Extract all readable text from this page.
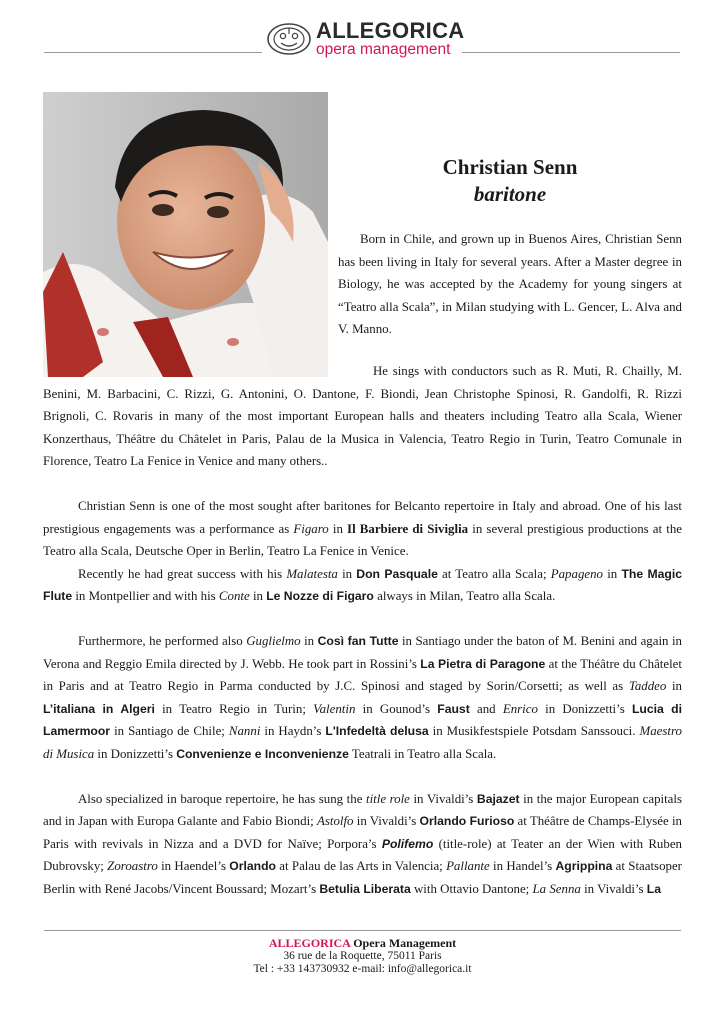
ALLEGORICA
opera management
Christian Senn
baritone

Born in Chile, and grown up in Buenos Aires, Christian Senn has been living in Italy for several years. After a Master degree in Biology, he was accepted by the Academy for young singers at “Teatro alla Scala”, in Milan studying with L. Gencer, L. Alva and V. Manno.

He sings with conductors such as R. Muti, R. Chailly, M. Benini, M. Barbacini, C. Rizzi, G. Antonini, O. Dantone, F. Biondi, Jean Christophe Spinosi, R. Gandolfi, R. Rizzi Brignoli, C. Rovaris in many of the most important European halls and theaters including Teatro alla Scala, Wiener Konzerthaus, Théâtre du Châtelet in Paris, Palau de la Musica in Valencia, Teatro Regio in Turin, Teatro Comunale in Florence, Teatro La Fenice in Venice and many others..

Christian Senn is one of the most sought after baritones for Belcanto repertoire in Italy and abroad. One of his last prestigious engagements was a performance as Figaro in Il Barbiere di Siviglia in several prestigious productions at the Teatro alla Scala, Deutsche Oper in Berlin, Teatro La Fenice in Venice.

Recently he had great success with his Malatesta in Don Pasquale at Teatro alla Scala; Papageno in The Magic Flute in Montpellier and with his Conte in Le Nozze di Figaro always in Milan, Teatro alla Scala.

Furthermore, he performed also Guglielmo in Così fan Tutte in Santiago under the baton of M. Benini and again in Verona and Reggio Emila directed by J. Webb. He took part in Rossini’s La Pietra di Paragone at the Théâtre du Châtelet in Paris and at Teatro Regio in Parma conducted by J.C. Spinosi and staged by Sorin/Corsetti; as well as Taddeo in L’italiana in Algeri in Teatro Regio in Turin; Valentin in Gounod’s Faust and Enrico in Donizzetti’s Lucia di Lamermoor in Santiago de Chile; Nanni in Haydn’s L'Infedeltà delusa in Musikfestspiele Potsdam Sanssouci. Maestro di Musica in Donizzetti’s Convenienze e Inconvenienze Teatrali in Teatro alla Scala.

Also specialized in baroque repertoire, he has sung the title role in Vivaldi’s Bajazet in the major European capitals and in Japan with Europa Galante and Fabio Biondi; Astolfo in Vivaldi’s Orlando Furioso at Théâtre de Champs-Elysée in Paris with revivals in Nizza and a DVD for Naïve; Porpora’s Polifemo (title-role) at Teater an der Wien with Ruben Dubrovsky; Zoroastro in Haendel’s Orlando at Palau de las Arts in Valencia; Pallante in Handel’s Agrippina at Staatsoper Berlin with René Jacobs/Vincent Boussard; Mozart’s Betulia Liberata with Ottavio Dantone; La Senna in Vivaldi’s La

ALLEGORICA Opera Management
36 rue de la Roquette, 75011 Paris
Tel : +33 143730932 e-mail: info@allegorica.it
